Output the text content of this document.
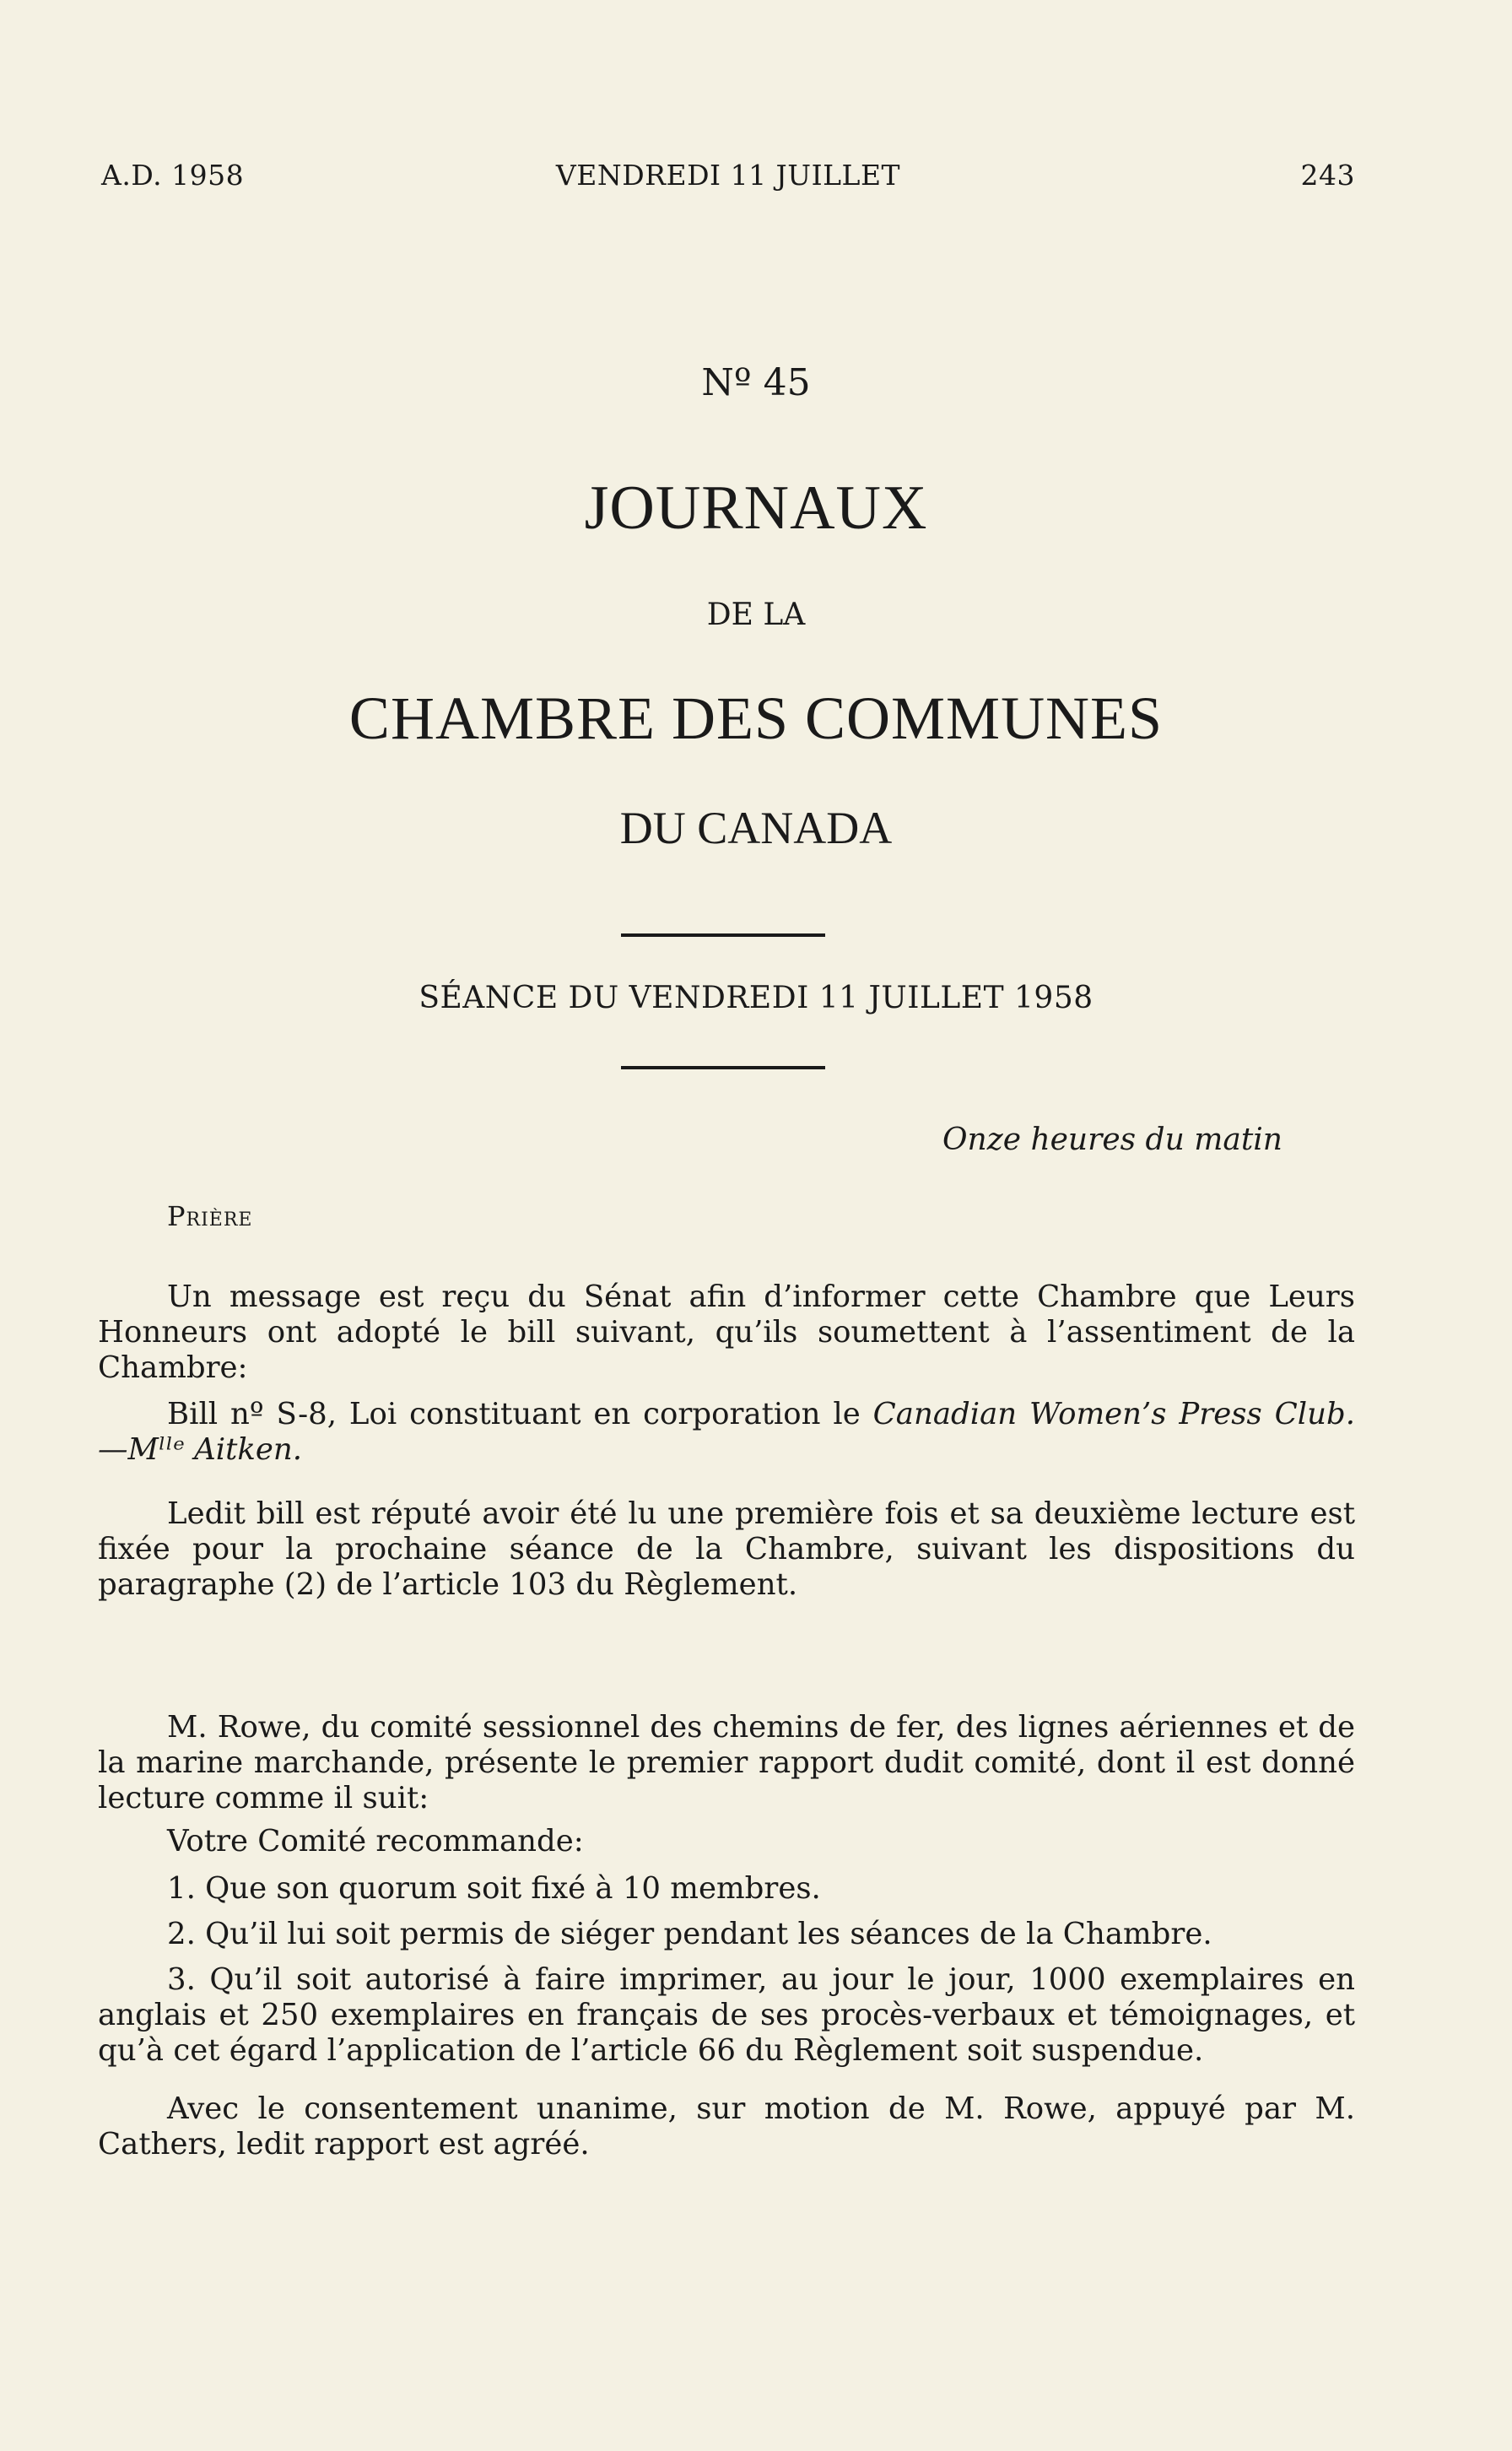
A.D. 1958	VENDREDI 11 JUILLET	243
Nº 45
JOURNAUX
DE LA
CHAMBRE DES COMMUNES
DU CANADA
SÉANCE DU VENDREDI 11 JUILLET 1958
Onze heures du matin
Prière

Un message est reçu du Sénat afin d’informer cette Chambre que Leurs Honneurs ont adopté le bill suivant, qu’ils soumettent à l’assentiment de la Chambre:

Bill nº S-8, Loi constituant en corporation le Canadian Women’s Press Club. —Mˡˡᵉ Aitken.

Ledit bill est réputé avoir été lu une première fois et sa deuxième lecture est fixée pour la prochaine séance de la Chambre, suivant les dispositions du paragraphe (2) de l’article 103 du Règlement.

M. Rowe, du comité sessionnel des chemins de fer, des lignes aériennes et de la marine marchande, présente le premier rapport dudit comité, dont il est donné lecture comme il suit:

Votre Comité recommande:

1. Que son quorum soit fixé à 10 membres.

2. Qu’il lui soit permis de siéger pendant les séances de la Chambre.

3. Qu’il soit autorisé à faire imprimer, au jour le jour, 1000 exemplaires en anglais et 250 exemplaires en français de ses procès-verbaux et témoignages, et qu’à cet égard l’application de l’article 66 du Règlement soit suspendue.

Avec le consentement unanime, sur motion de M. Rowe, appuyé par M. Cathers, ledit rapport est agréé.
